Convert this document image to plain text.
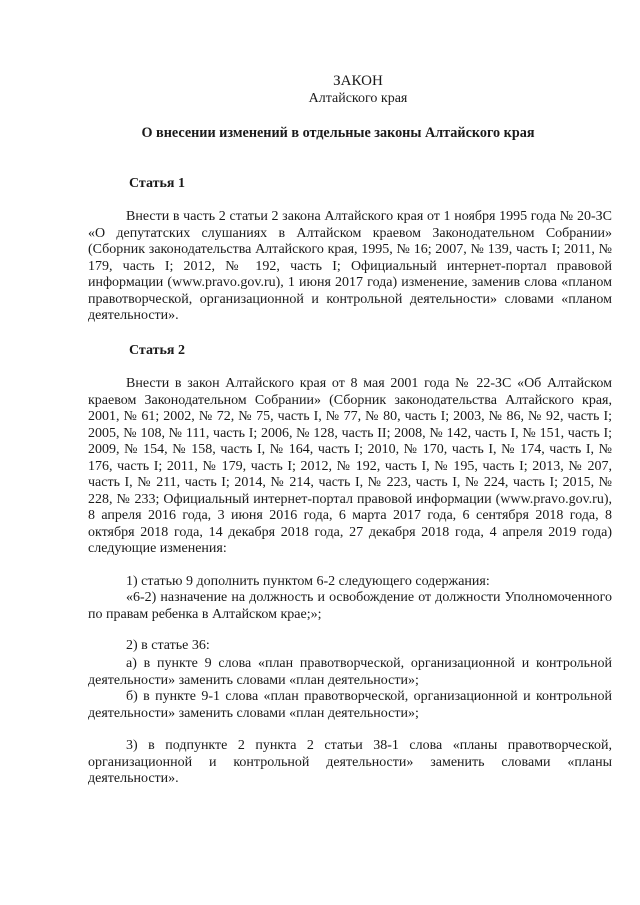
ЗАКОН
Алтайского края
О внесении изменений в отдельные законы Алтайского края
Статья 1

Внести в часть 2 статьи 2 закона Алтайского края от 1 ноября 1995 года № 20-ЗС «О депутатских слушаниях в Алтайском краевом Законодательном Собрании» (Сборник законодательства Алтайского края, 1995, № 16; 2007, № 139, часть I; 2011, № 179, часть I; 2012, № 192, часть I; Официальный интернет-портал правовой информации (www.pravo.gov.ru), 1 июня 2017 года) изменение, заменив слова «планом правотворческой, организационной и контрольной деятельности» словами «планом деятельности».

Статья 2

Внести в закон Алтайского края от 8 мая 2001 года № 22-ЗС «Об Алтайском краевом Законодательном Собрании» (Сборник законодательства Алтайского края, 2001, № 61; 2002, № 72, № 75, часть I, № 77, № 80, часть I; 2003, № 86, № 92, часть I; 2005, № 108, № 111, часть I; 2006, № 128, часть II; 2008, № 142, часть I, № 151, часть I; 2009, № 154, № 158, часть I, № 164, часть I; 2010, № 170, часть I, № 174, часть I, № 176, часть I; 2011, № 179, часть I; 2012, № 192, часть I, № 195, часть I; 2013, № 207, часть I, № 211, часть I; 2014, № 214, часть I, № 223, часть I, № 224, часть I; 2015, № 228, № 233; Официальный интернет-портал правовой информации (www.pravo.gov.ru), 8 апреля 2016 года, 3 июня 2016 года, 6 марта 2017 года, 6 сентября 2018 года, 8 октября 2018 года, 14 декабря 2018 года, 27 декабря 2018 года, 4 апреля 2019 года) следующие изменения:

1) статью 9 дополнить пунктом 6-2 следующего содержания:
«6-2) назначение на должность и освобождение от должности Уполномоченного по правам ребенка в Алтайском крае;»;
2) в статье 36:
а) в пункте 9 слова «план правотворческой, организационной и контрольной деятельности» заменить словами «план деятельности»;
б) в пункте 9-1 слова «план правотворческой, организационной и контрольной деятельности» заменить словами «план деятельности»;
3) в подпункте 2 пункта 2 статьи 38-1 слова «планы правотворческой, организационной и контрольной деятельности» заменить словами «планы деятельности».
